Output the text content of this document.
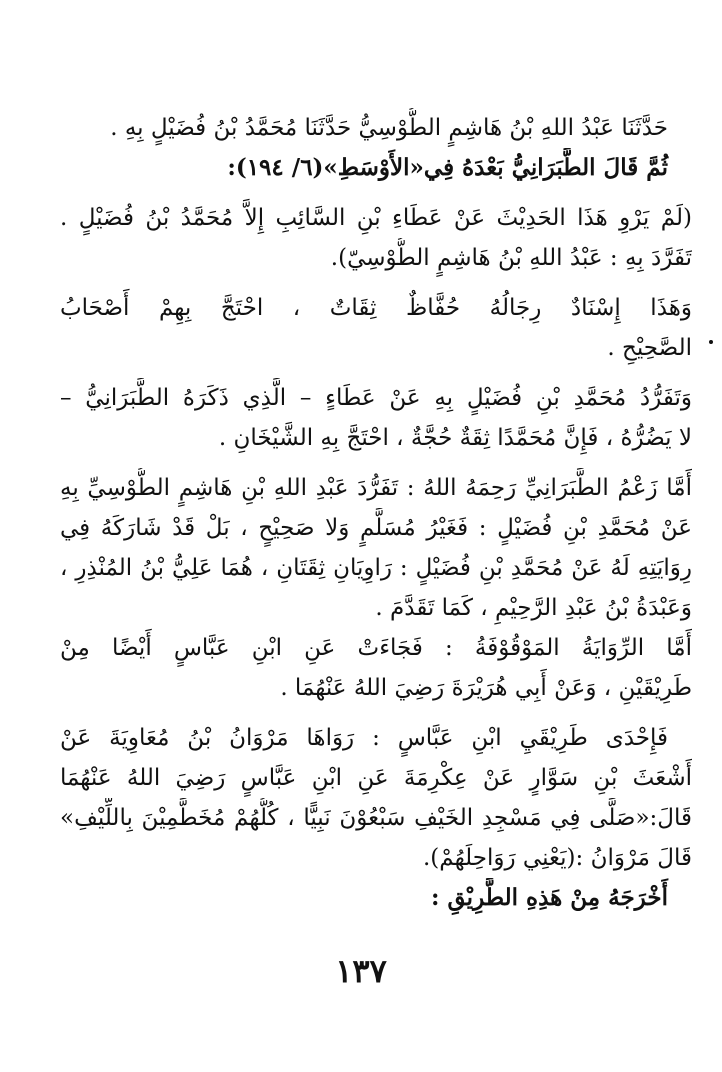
حَدَّثَنَا عَبْدُ اللهِ بْنُ هَاشِمٍ الطُّوْسِيُّ حَدَّثَنَا مُحَمَّدُ بْنُ فُضَيْلٍ بِهِ .
ثُمَّ قَالَ الطَّبَرَانِيُّ بَعْدَهُ فِي«الأَوْسَطِ»(٦/ ١٩٤):
(لَمْ يَرْوِ هَذَا الحَدِيْثَ عَنْ عَطَاءِ بْنِ السَّائِبِ إِلاَّ مُحَمَّدُ بْنُ فُضَيْلٍ .
تَفَرَّدَ بِهِ : عَبْدُ اللهِ بْنُ هَاشِمٍ الطُّوْسِيّ).
وَهَذَا إِسْنَادٌ رِجَالُهُ حُفَّاظٌ ثِقَاتٌ ، احْتَجَّ بِهِمْ أَصْحَابُ
الصَّحِيْحِ .
وَتَفَرُّدُ مُحَمَّدِ بْنِ فُضَيْلٍ بِهِ عَنْ عَطَاءٍ – الَّذِي ذَكَرَهُ الطَّبَرَانِيُّ –
لا يَضُرُّهُ ، فَإِنَّ مُحَمَّدًا ثِقَةٌ حُجَّةٌ ، احْتَجَّ بِهِ الشَّيْخَانِ .
أَمَّا زَعْمُ الطَّبَرَانِيِّ رَحِمَهُ اللهُ : تَفَرُّدَ عَبْدِ اللهِ بْنِ هَاشِمٍ الطُّوْسِيِّ بِهِ
عَنْ مُحَمَّدِ بْنِ فُضَيْلٍ : فَغَيْرُ مُسَلَّمٍ وَلا صَحِيْحٍ ، بَلْ قَدْ شَارَكَهُ فِي
رِوَايَتِهِ لَهُ عَنْ مُحَمَّدِ بْنِ فُضَيْلٍ : رَاوِيَانِ ثِقَتَانِ ، هُمَا عَلِيُّ بْنُ المُنْذِرِ ،
وَعَبْدَةُ بْنُ عَبْدِ الرَّحِيْمِ ، كَمَا تَقَدَّمَ .
أَمَّا الرِّوَايَةُ المَوْقُوْفَةُ : فَجَاءَتْ عَنِ ابْنِ عَبَّاسٍ أَيْضًا مِنْ
طَرِيْقَيْنِ ، وَعَنْ أَبِي هُرَيْرَةَ رَضِيَ اللهُ عَنْهُمَا .
فَإِحْدَى طَرِيْقَيِ ابْنِ عَبَّاسٍ : رَوَاهَا مَرْوَانُ بْنُ مُعَاوِيَةَ عَنْ
أَشْعَثَ بْنِ سَوَّارٍ عَنْ عِكْرِمَةَ عَنِ ابْنِ عَبَّاسٍ رَضِيَ اللهُ عَنْهُمَا
قَالَ:«صَلَّى فِي مَسْجِدِ الخَيْفِ سَبْعُوْنَ نَبِيًّا ، كُلُّهُمْ مُخَطَّمِيْنَ بِاللِّيْفِ»
قَالَ مَرْوَانُ :(يَعْنِي رَوَاحِلَهُمْ).
أَخْرَجَهُ مِنْ هَذِهِ الطَّرِيْقِ :
١٣٧
